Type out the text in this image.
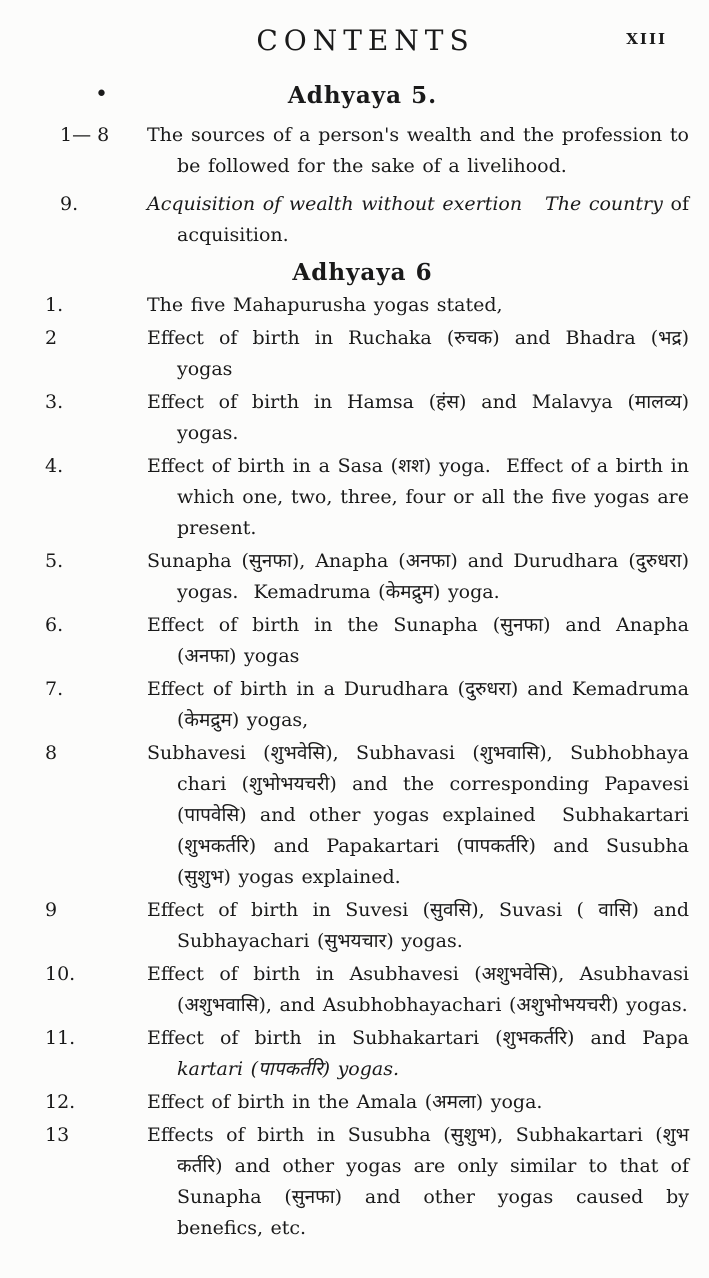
CONTENTS	XIII
•	Adhyaya 5.
1— 8	The sources of a person's wealth and the profession to be followed for the sake of a livelihood.
9.	Acquisition of wealth without exertion   The country of acquisition.
Adhyaya 6
1.	The five Mahapurusha yogas stated,
2	Effect of birth in Ruchaka (रुचक) and Bhadra (भद्र) yogas
3.	Effect of birth in Hamsa (हंस) and Malavya (मालव्य) yogas.
4.	Effect of birth in a Sasa (शश) yoga.  Effect of a birth in which one, two, three, four or all the five yogas are present.
5.	Sunapha (सुनफा), Anapha (अनफा) and Durudhara (दुरुधरा) yogas.  Kemadruma (केमद्रुम) yoga.
6.	Effect of birth in the Sunapha (सुनफा) and Anapha (अनफा) yogas
7.	Effect of birth in a Durudhara (दुरुधरा) and Kemadruma (केमद्रुम) yogas,
8	Subhavesi (शुभवेसि), Subhavasi (शुभवासि), Subhobhaya chari (शुभोभयचरी) and the corresponding Papavesi (पापवेसि) and other yogas explained  Subhakartari (शुभकर्तरि) and Papakartari (पापकर्तरि) and Susubha (सुशुभ) yogas explained.
9	Effect of birth in Suvesi (सुवसि), Suvasi ( वासि) and Subhayachari (सुभयचार) yogas.
10.	Effect of birth in Asubhavesi (अशुभवेसि), Asubhavasi (अशुभवासि), and Asubhobhayachari (अशुभोभयचरी) yogas.
11.	Effect of birth in Subhakartari (शुभकर्तरि) and Papa kartari (पापकर्तरि) yogas.
12.	Effect of birth in the Amala (अमला) yoga.
13	Effects of birth in Susubha (सुशुभ), Subhakartari (शुभ कर्तरि) and other yogas are only similar to that of Sunapha (सुनफा) and other yogas caused by benefics, etc.
